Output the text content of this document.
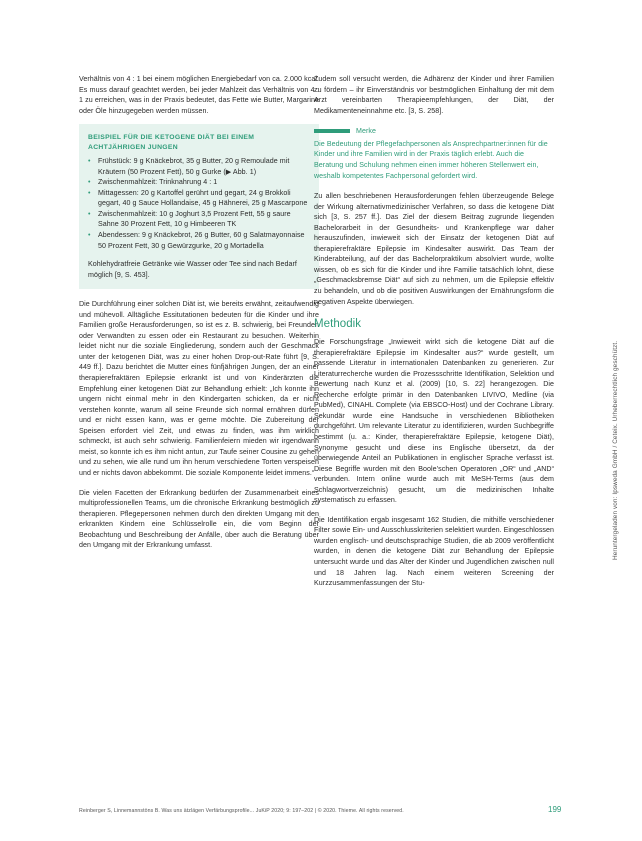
Verhältnis von 4 : 1 bei einem möglichen Energiebedarf von ca. 2.000 kcal. Es muss darauf geachtet werden, bei jeder Mahlzeit das Verhältnis von 4 : 1 zu erreichen, was in der Praxis bedeutet, das Fette wie Butter, Margarine oder Öle hinzugegeben werden müssen.

BEISPIEL FÜR DIE KETOGENE DIÄT BEI EINEM ACHTJÄHRIGEN JUNGEN
• Frühstück: 9 g Knäckebrot, 35 g Butter, 20 g Remoulade mit Kräutern (50 Prozent Fett), 50 g Gurke (▶ Abb. 1)
• Zwischenmahlzeit: Trinknahrung 4 : 1
• Mittagessen: 20 g Kartoffel gerührt und gegart, 24 g Brokkoli gegart, 40 g Sauce Hollandaise, 45 g Hähnerei, 25 g Mascarpone
• Zwischenmahlzeit: 10 g Joghurt 3,5 Prozent Fett, 55 g saure Sahne 30 Prozent Fett, 10 g Himbeeren TK
• Abendessen: 9 g Knäckebrot, 26 g Butter, 60 g Salatmayonnaise 50 Prozent Fett, 30 g Gewürzgurke, 20 g Mortadella

Kohlehydratfreie Getränke wie Wasser oder Tee sind nach Bedarf möglich [9, S. 453].

Die Durchführung einer solchen Diät ist, wie bereits erwähnt, zeitaufwendig und mühevoll. Alltägliche Essitutationen bedeuten für die Kinder und ihre Familien große Herausforderungen, so ist es z. B. schwierig, bei Freunden oder Verwandten zu essen oder ein Restaurant zu besuchen. Weiterhin leidet nicht nur die soziale Eingliederung, sondern auch der Geschmack unter der ketogenen Diät, was zu einer hohen Drop-out-Rate führt [9, S. 449 ff.]. Dazu berichtet die Mutter eines fünfjährigen Jungen, der an einer therapierefraktären Epilepsie erkrankt ist und von Kinderärzten die Empfehlung einer ketogenen Diät zur Behandlung erhielt: „Ich konnte ihn ungern nicht einmal mehr in den Kindergarten schicken, da er nicht verstehen konnte, warum all seine Freunde sich normal ernähren dürfen und er nicht essen kann, was er gerne möchte. Die Zubereitung der Speisen erfordert viel Zeit, und etwas zu finden, was ihm wirklich schmeckt, ist auch sehr schwierig. Familienfeiern mieden wir irgendwann meist, so konnte ich es ihm nicht antun, zur Taufe seiner Cousine zu gehen und zu sehen, wie alle rund um ihn herum verschiedene Torten verspeisen und er nichts davon abbekommt. Die soziale Komponente leidet immens.“

Die vielen Facetten der Erkrankung bedürfen der Zusammenarbeit eines multiprofessionellen Teams, um die chronische Erkrankung bestmöglich zu therapieren. Pflegepersonen nehmen durch den direkten Umgang mit den erkrankten Kindern eine Schlüsselrolle ein, die vom Beginn der Beobachtung und Beschreibung der Anfälle, über auch die Beratung über den Umgang mit der Erkrankung umfasst.

Zudem soll versucht werden, die Adhärenz der Kinder und ihrer Familien zu fördern – ihr Einverständnis vor bestmöglichen Einhaltung der mit dem Arzt vereinbarten Therapieempfehlungen, der Diät, der Medikamenteneinnahme etc. [3, S. 258].

Merke

Die Bedeutung der Pflegefachpersonen als Ansprechpartner:innen für die Kinder und ihre Familien wird in der Praxis täglich erlebt. Auch die Beratung und Schulung nehmen einen immer höheren Stellenwert ein, weshalb kompetentes Fachpersonal gefordert wird.

Zu allen beschriebenen Herausforderungen fehlen überzeugende Belege der Wirkung alternativmedizinischer Verfahren, so dass die ketogene Diät sich [3, S. 257 ff.]. Das Ziel der diesem Beitrag zugrunde liegenden Bachelorarbeit in der Gesundheits- und Krankenpflege war daher herauszufinden, inwieweit sich der Einsatz der ketogenen Diät auf therapierefraktäre Epilepsie im Kindesalter auswirkt. Das Team der Kinderabteilung, auf der das Bachelorpraktikum absolviert wurde, wollte wissen, ob es sich für die Kinder und ihre Familie tatsächlich lohnt, diese „Geschmacksbremse Diät“ auf sich zu nehmen, um die Epilepsie effektiv zu behandeln, und ob die positiven Auswirkungen der Ernährungsform die negativen Aspekte überwiegen.

Methodik

Die Forschungsfrage „Inwieweit wirkt sich die ketogene Diät auf die therapierefraktäre Epilepsie im Kindesalter aus?“ wurde gestellt, um passende Literatur in internationalen Datenbanken zu generieren. Zur Literaturrecherche wurden die Prozessschritte Identifikation, Selektion und Bewertung nach Kunz et al. (2009) [10, S. 22] herangezogen. Die Recherche erfolgte primär in den Datenbanken LIVIVO, Medline (via PubMed), CINAHL Complete (via EBSCO-Host) und der Cochrane Library. Sekundär wurde eine Handsuche in verschiedenen Bibliotheken durchgeführt. Um relevante Literatur zu identifizieren, wurden Suchbegriffe bestimmt (u. a.: Kinder, therapierefraktäre Epilepsie, ketogene Diät), Synonyme gesucht und diese ins Englische übersetzt, da der überwiegende Anteil an Publikationen in englischer Sprache verfasst ist. Diese Begriffe wurden mit den Boole’schen Operatoren „OR“ und „AND“ verbunden. Intern online wurde auch mit MeSH-Terms (aus dem Schlagwortverzeichnis) gesucht, um die medizinischen Inhalte systematisch zu erfassen.

Die Identifikation ergab insgesamt 162 Studien, die mithilfe verschiedener Filter sowie Ein- und Ausschlusskriterien selektiert wurden. Eingeschlossen wurden englisch- und deutschsprachige Studien, die ab 2009 veröffentlicht wurden, in denen die ketogene Diät zur Behandlung der Epilepsie untersucht wurde und das Alter der Kinder und Jugendlichen zwischen null und 18 Jahren lag. Nach einem weiteren Screening der Kurzzusammenfassungen der Stu-

Heruntergeladen von: Ipsweda GmbH / Ceteix. Urheberrechtlich geschützt.
Reinberger S, Linnemannstöns B. Was uns ätzlägen Verfärbungsprofile... JuKiP 2020; 9: 197–202 | © 2020. Thieme. All rights reserved.	199
